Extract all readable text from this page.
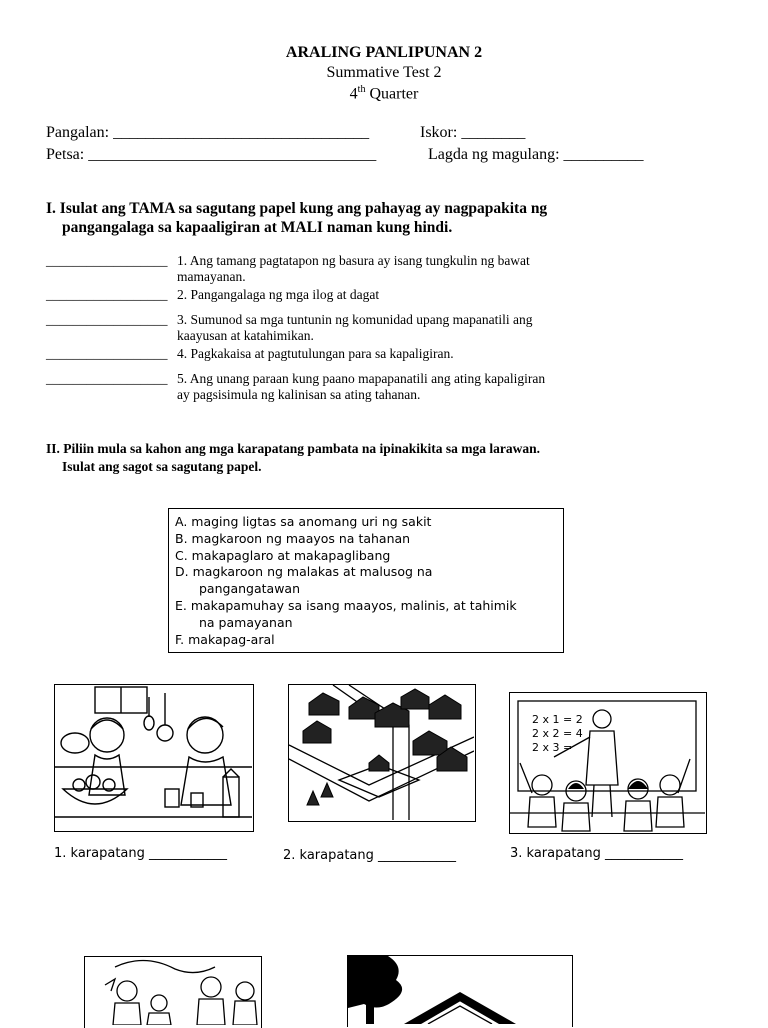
ARALING PANLIPUNAN 2
Summative Test 2
4th Quarter
Pangalan: ________________________________	Iskor: ________
Petsa: ____________________________________	Lagda ng magulang: __________
I. Isulat ang TAMA sa sagutang papel kung ang pahayag ay nagpapakita ng
pangangalaga sa kapaaligiran at MALI naman kung hindi.
__________________ 1. Ang tamang pagtatapon ng basura ay isang tungkulin ng bawat
mamayanan.
__________________ 2. Pangangalaga ng mga ilog at dagat
__________________ 3. Sumunod sa mga tuntunin ng komunidad upang mapanatili ang
kaayusan at katahimikan.
__________________ 4. Pagkakaisa at pagtutulungan para sa kapaligiran.
__________________ 5. Ang unang paraan kung paano mapapanatili ang ating kapaligiran
ay pagsisimula ng kalinisan sa ating tahanan.
II. Piliin mula sa kahon ang mga karapatang pambata na ipinakikita sa mga larawan.
Isulat ang sagot sa sagutang papel.
A. maging ligtas sa anomang uri ng sakit
B. magkaroon ng maayos na tahanan
C. makapaglaro at makapaglibang
D. magkaroon ng malakas at malusog na
pangangatawan
E. makapamuhay sa isang maayos, malinis, at tahimik
na pamayanan
F. makapag-aral
2 x 1 = 2
2 x 2 = 4
2 x 3 =
1. karapatang ____________	2. karapatang ____________	3. karapatang ____________
